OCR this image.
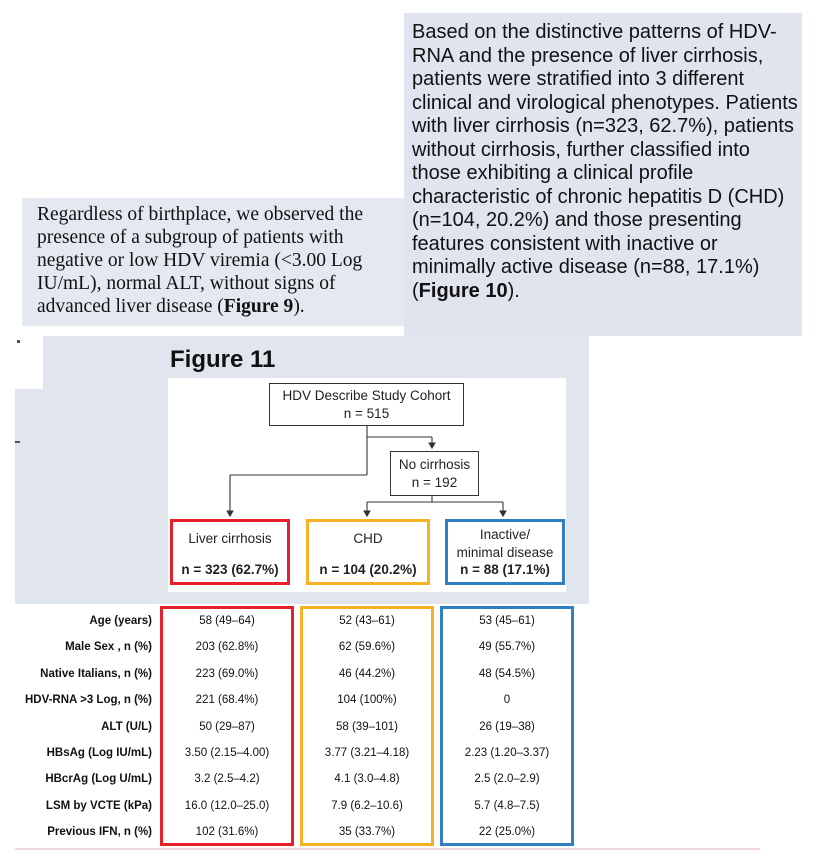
Regardless of birthplace, we observed the presence of a subgroup of patients with negative or low HDV viremia (<3.00 Log IU/mL), normal ALT, without signs of advanced liver disease (Figure 9).

Based on the distinctive patterns of HDV-RNA and the presence of liver cirrhosis, patients were stratified into 3 different clinical and virological phenotypes. Patients with liver cirrhosis (n=323, 62.7%), patients without cirrhosis, further classified into those exhibiting a clinical profile characteristic of chronic hepatitis D (CHD) (n=104, 20.2%) and those presenting features consistent with inactive or minimally active disease (n=88, 17.1%) (Figure 10).

Figure 11
HDV Describe Study Cohort
n = 515
No cirrhosis
n = 192
Liver cirrhosis
n = 323 (62.7%)
CHD
n = 104 (20.2%)
Inactive/
minimal disease
n = 88 (17.1%)
Age (years)	58 (49–64)	52 (43–61)	53 (45–61)
Male Sex , n (%)	203 (62.8%)	62 (59.6%)	49 (55.7%)
Native Italians, n (%)	223 (69.0%)	46 (44.2%)	48 (54.5%)
HDV-RNA >3 Log, n (%)	221 (68.4%)	104 (100%)	0
ALT (U/L)	50 (29–87)	58 (39–101)	26 (19–38)
HBsAg (Log IU/mL)	3.50 (2.15–4.00)	3.77 (3.21–4.18)	2.23 (1.20–3.37)
HBcrAg (Log U/mL)	3.2 (2.5–4.2)	4.1 (3.0–4.8)	2.5 (2.0–2.9)
LSM by VCTE (kPa)	16.0 (12.0–25.0)	7.9 (6.2–10.6)	5.7 (4.8–7.5)
Previous IFN, n (%)	102 (31.6%)	35 (33.7%)	22 (25.0%)
